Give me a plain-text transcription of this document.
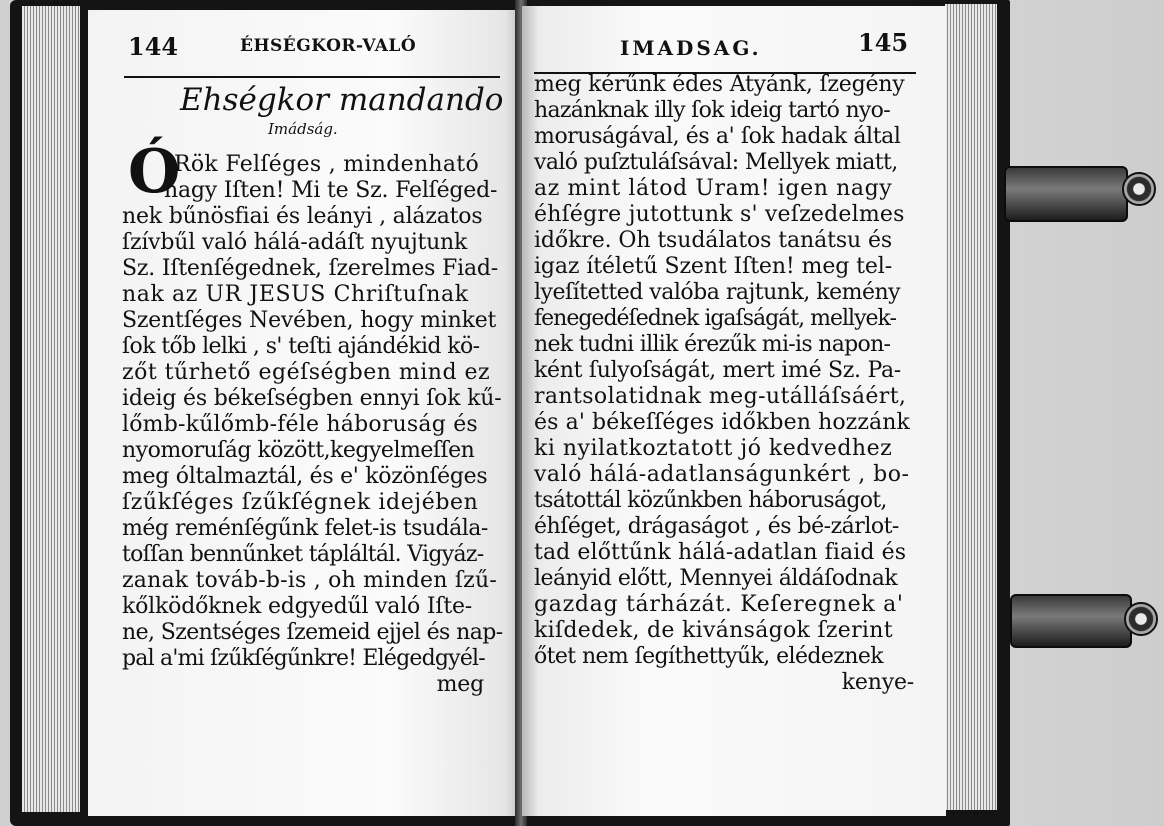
144	ÉHSÉGKOR-VALÓ
Ehségkor mandando
Imádság.
Ó
Rök Felſéges , mindenható
nagy Iſten! Mi te Sz. Felſéged-
nek bűnösfiai és leányi , alázatos
ſzívbűl való hálá-adáſt nyujtunk
Sz. Iſtenſégednek, ſzerelmes Fiad-
nak az UR JESUS Chriſtuſnak
Szentſéges Nevében, hogy minket
ſok tőb lelki , s' teſti ajándékid kö-
zőt tűrhető egéſségben mind ez
ideig és békeſségben ennyi ſok kű-
lőmb-kűlőmb-féle háboruság és
nyomoruſág között,kegyelmeſſen
meg óltalmaztál, és e' közönſéges
ſzűkſéges ſzűkſégnek idejében
még reménſégűnk felet-is tsudála-
toſſan bennűnket tápláltál. Vigyáz-
zanak továb-b-is , oh minden ſzű-
kőlködőknek edgyedűl való Iſte-
ne, Szentséges ſzemeid ejjel és nap-
pal a'mi ſzűkſégűnkre! Elégedgyél-
meg
IMADSAG.	145
meg kérűnk édes Atyánk, ſzegény
hazánknak illy ſok ideig tartó nyo-
moruságával, és a' ſok hadak által
való puſztuláſsával: Mellyek miatt,
az mint látod Uram! igen nagy
éhſégre jutottunk s' veſzedelmes
időkre. Oh tsudálatos tanátsu és
igaz ítéletű Szent Iſten! meg tel-
lyeſítetted valóba rajtunk, kemény
fenegedéſednek igaſságát, mellyek-
nek tudni illik érezűk mi-is napon-
ként ſulyoſságát, mert imé Sz. Pa-
rantsolatidnak meg-utálláſsáért,
és a' békeſſéges időkben hozzánk
ki nyilatkoztatott jó kedvedhez
való hálá-adatlanságunkért , bo-
tsátottál közűnkben háboruságot,
éhſéget, drágaságot , és bé-zárlot-
tad előttűnk hálá-adatlan fiaid és
leányid előtt, Mennyei áldáſodnak
gazdag tárházát. Keſeregnek a'
kiſdedek, de kivánságok ſzerint
őtet nem ſegíthettyűk, elédeznek
kenye-
